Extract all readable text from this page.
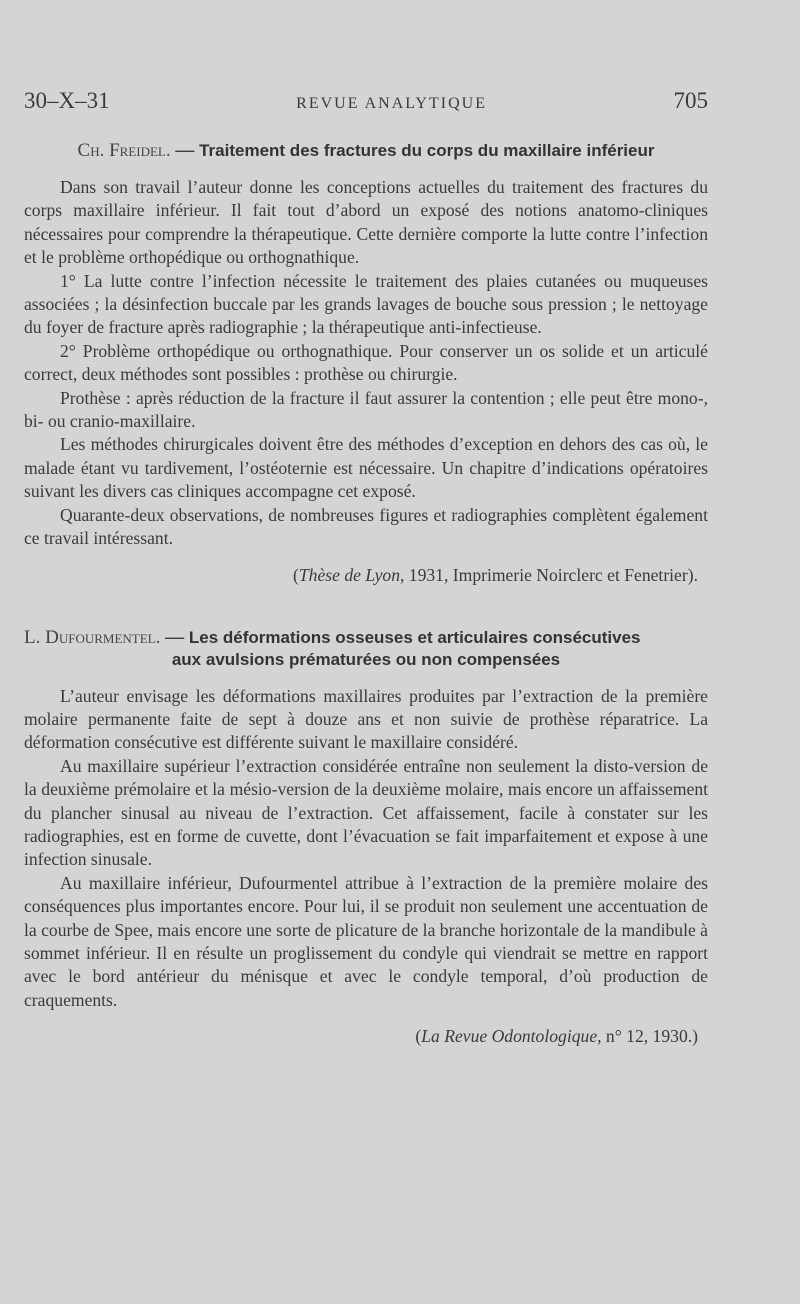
30–X–31	REVUE ANALYTIQUE	705
Ch. Freidel. — Traitement des fractures du corps du maxillaire inférieur

Dans son travail l’auteur donne les conceptions actuelles du traitement des fractures du corps maxillaire inférieur. Il fait tout d’abord un exposé des notions anatomo-cliniques nécessaires pour comprendre la thérapeutique. Cette dernière comporte la lutte contre l’infection et le problème orthopédique ou orthognathique.

1° La lutte contre l’infection nécessite le traitement des plaies cutanées ou muqueuses associées ; la désinfection buccale par les grands lavages de bouche sous pression ; le nettoyage du foyer de fracture après radiographie ; la thérapeutique anti-infectieuse.

2° Problème orthopédique ou orthognathique. Pour conserver un os solide et un articulé correct, deux méthodes sont possibles : prothèse ou chirurgie.

Prothèse : après réduction de la fracture il faut assurer la contention ; elle peut être mono-, bi- ou cranio-maxillaire.

Les méthodes chirurgicales doivent être des méthodes d’exception en dehors des cas où, le malade étant vu tardivement, l’ostéoternie est nécessaire. Un chapitre d’indications opératoires suivant les divers cas cliniques accompagne cet exposé.

Quarante-deux observations, de nombreuses figures et radiographies complètent également ce travail intéressant.

(Thèse de Lyon, 1931, Imprimerie Noirclerc et Fenetrier).

L. Dufourmentel. — Les déformations osseuses et articulaires consécutives
aux avulsions prématurées ou non compensées

L’auteur envisage les déformations maxillaires produites par l’extraction de la première molaire permanente faite de sept à douze ans et non suivie de prothèse réparatrice. La déformation consécutive est différente suivant le maxillaire considéré.

Au maxillaire supérieur l’extraction considérée entraîne non seulement la disto-version de la deuxième prémolaire et la mésio-version de la deuxième molaire, mais encore un affaissement du plancher sinusal au niveau de l’extraction. Cet affaissement, facile à constater sur les radiographies, est en forme de cuvette, dont l’évacuation se fait imparfaitement et expose à une infection sinusale.

Au maxillaire inférieur, Dufourmentel attribue à l’extraction de la première molaire des conséquences plus importantes encore. Pour lui, il se produit non seulement une accentuation de la courbe de Spee, mais encore une sorte de plicature de la branche horizontale de la mandibule à sommet inférieur. Il en résulte un proglissement du condyle qui viendrait se mettre en rapport avec le bord antérieur du ménisque et avec le condyle temporal, d’où production de craquements.

(La Revue Odontologique, n° 12, 1930.)
